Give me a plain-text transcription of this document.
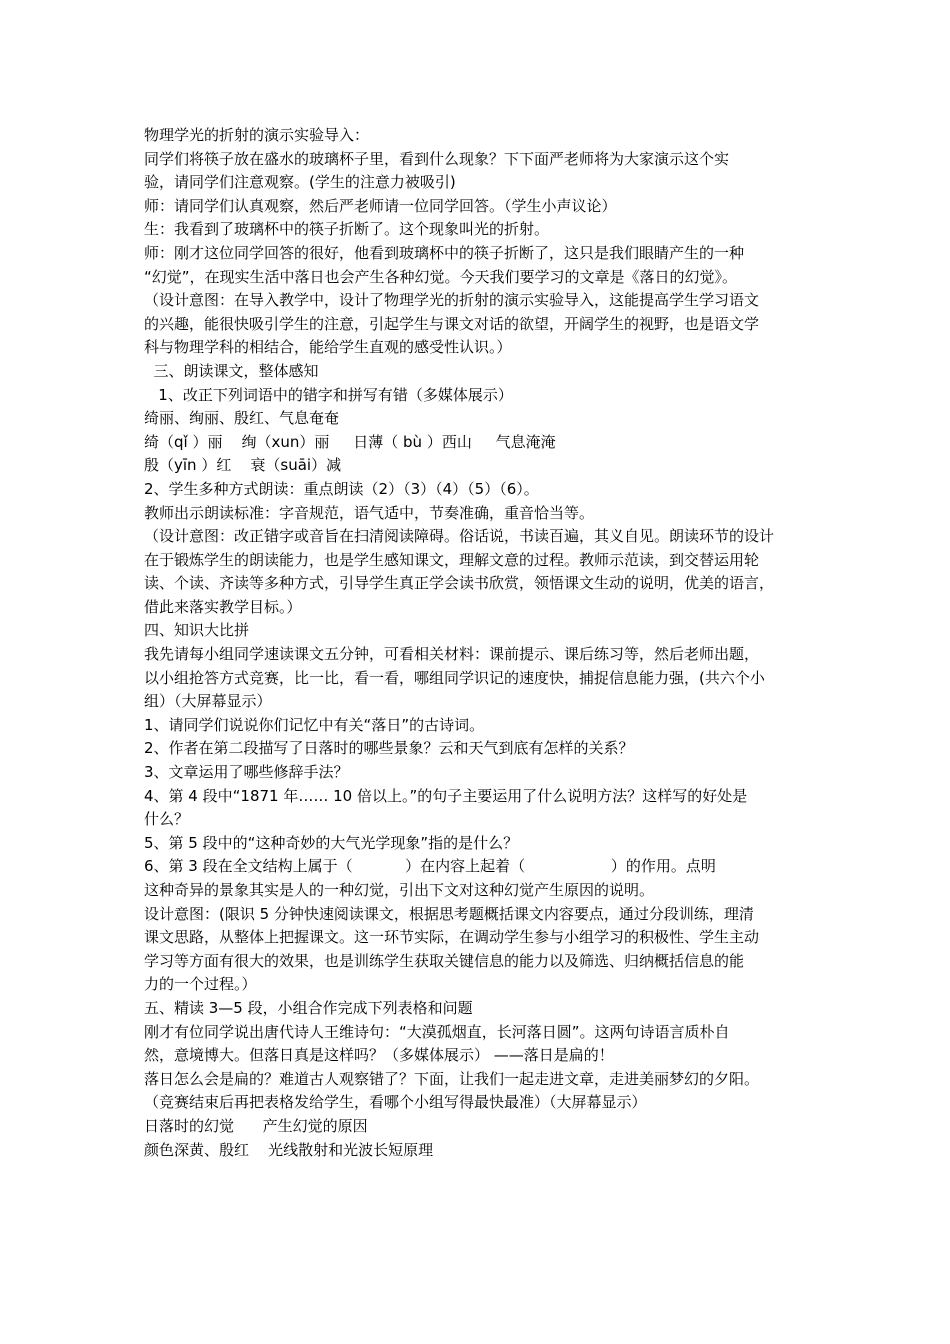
物理学光的折射的演示实验导入：
同学们将筷子放在盛水的玻璃杯子里，看到什么现象？下下面严老师将为大家演示这个实
验，请同学们注意观察。(学生的注意力被吸引)
师：请同学们认真观察，然后严老师请一位同学回答。（学生小声议论）
生：我看到了玻璃杯中的筷子折断了。这个现象叫光的折射。
师：刚才这位同学回答的很好，他看到玻璃杯中的筷子折断了，这只是我们眼睛产生的一种
“幻觉”，在现实生活中落日也会产生各种幻觉。今天我们要学习的文章是《落日的幻觉》。
（设计意图：在导入教学中，设计了物理学光的折射的演示实验导入，这能提高学生学习语文
的兴趣，能很快吸引学生的注意，引起学生与课文对话的欲望，开阔学生的视野，也是语文学
科与物理学科的相结合，能给学生直观的感受性认识。）
三、朗读课文，整体感知
1、改正下列词语中的错字和拼写有错（多媒体展示）
绮丽、绚丽、殷红、气息奄奄
绮（qǐ ）丽    绚（xun）丽     日薄（ bù ）西山     气息淹淹
殷（yīn ）红    衰（suāi）减
2、学生多种方式朗读：重点朗读（2）（3）（4）（5）（6）。
教师出示朗读标准：字音规范，语气适中，节奏准确，重音恰当等。
（设计意图：改正错字或音旨在扫清阅读障碍。俗话说，书读百遍，其义自见。朗读环节的设计
在于锻炼学生的朗读能力，也是学生感知课文，理解文意的过程。教师示范读，到交替运用轮
读、个读、齐读等多种方式，引导学生真正学会读书欣赏，领悟课文生动的说明，优美的语言，
借此来落实教学目标。）
四、知识大比拼
我先请每小组同学速读课文五分钟，可看相关材料：课前提示、课后练习等，然后老师出题，
以小组抢答方式竞赛，比一比，看一看，哪组同学识记的速度快，捕捉信息能力强，(共六个小
组）（大屏幕显示）
1、请同学们说说你们记忆中有关“落日”的古诗词。
2、作者在第二段描写了日落时的哪些景象？云和天气到底有怎样的关系？
3、文章运用了哪些修辞手法？
4、第 4 段中“1871 年…… 10 倍以上。”的句子主要运用了什么说明方法？这样写的好处是
什么？
5、第 5 段中的“这种奇妙的大气光学现象”指的是什么？
6、第 3 段在全文结构上属于（           ）在内容上起着（                  ）的作用。点明
这种奇异的景象其实是人的一种幻觉，引出下文对这种幻觉产生原因的说明。
设计意图：(限识 5 分钟快速阅读课文，根据思考题概括课文内容要点，通过分段训练，理清
课文思路，从整体上把握课文。这一环节实际，在调动学生参与小组学习的积极性、学生主动
学习等方面有很大的效果，也是训练学生获取关键信息的能力以及筛选、归纳概括信息的能
力的一个过程。）
五、精读 3—5 段，小组合作完成下列表格和问题
刚才有位同学说出唐代诗人王维诗句：“大漠孤烟直，长河落日圆”。这两句诗语言质朴自
然，意境博大。但落日真是这样吗？（多媒体展示） ——落日是扁的！
落日怎么会是扁的？难道古人观察错了？下面，让我们一起走进文章，走进美丽梦幻的夕阳。
（竞赛结束后再把表格发给学生，看哪个小组写得最快最准）（大屏幕显示）
日落时的幻觉      产生幻觉的原因
颜色深黄、殷红    光线散射和光波长短原理
